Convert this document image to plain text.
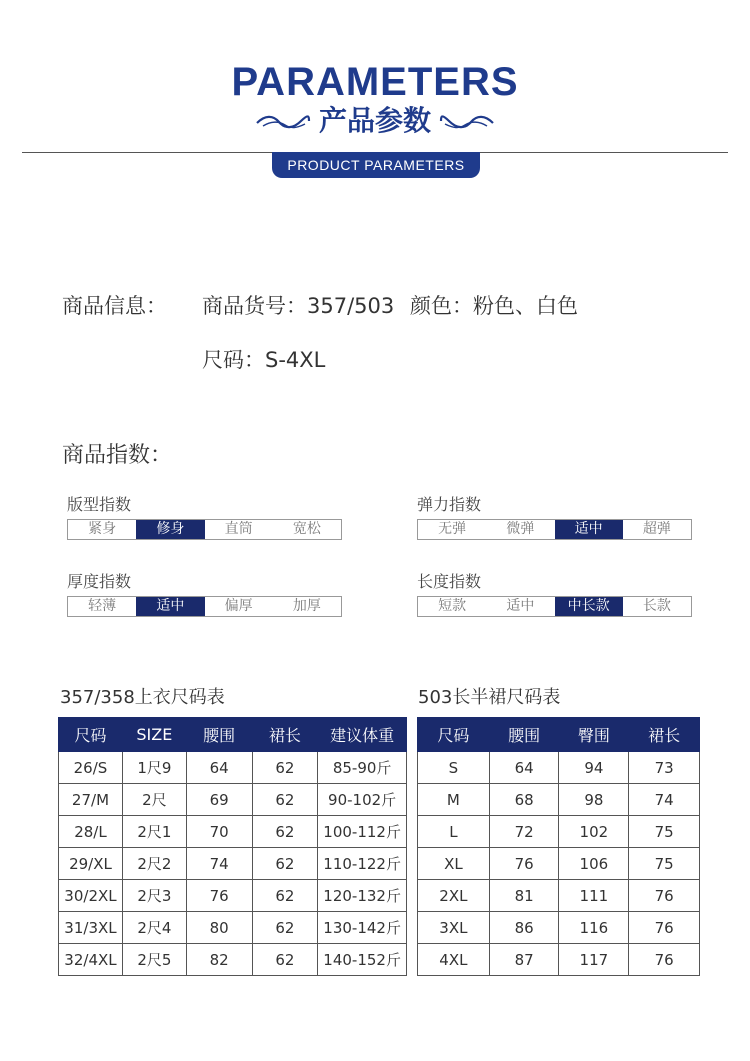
PARAMETERS
产品参数
PRODUCT PARAMETERS
商品信息： 商品货号：357/503 颜色：粉色、白色
尺码：S-4XL
商品指数：
版型指数
紧身	修身	直筒	宽松
弹力指数
无弹	微弹	适中	超弹
厚度指数
轻薄	适中	偏厚	加厚
长度指数
短款	适中	中长款	长款
357/358上衣尺码表
尺码	SIZE	腰围	裙长	建议体重
26/S	1尺9	64	62	85-90斤
27/M	2尺	69	62	90-102斤
28/L	2尺1	70	62	100-112斤
29/XL	2尺2	74	62	110-122斤
30/2XL	2尺3	76	62	120-132斤
31/3XL	2尺4	80	62	130-142斤
32/4XL	2尺5	82	62	140-152斤
503长半裙尺码表
尺码	腰围	臀围	裙长
S	64	94	73
M	68	98	74
L	72	102	75
XL	76	106	75
2XL	81	111	76
3XL	86	116	76
4XL	87	117	76
